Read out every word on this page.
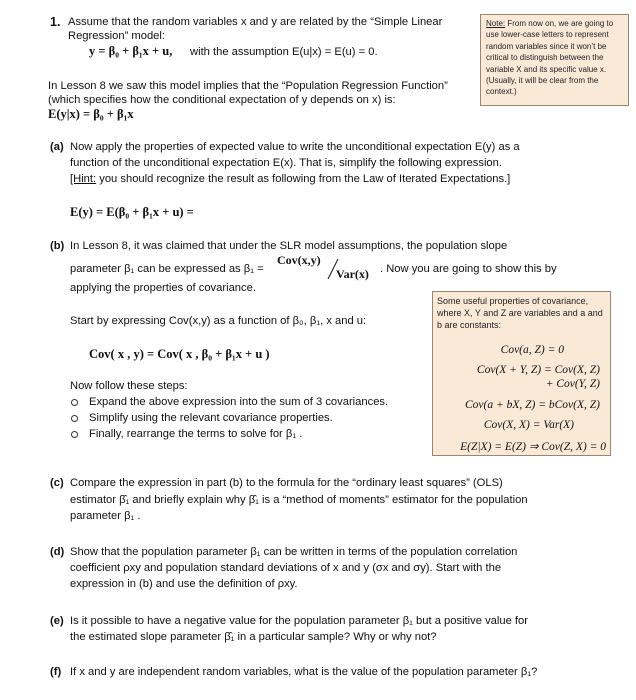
1. Assume that the random variables x and y are related by the “Simple Linear
Regression” model:
y = β₀ + β₁x + u, with the assumption E(u|x) = E(u) = 0.
In Lesson 8 we saw this model implies that the “Population Regression Function”
(which specifies how the conditional expectation of y depends on x) is:
E(y|x) = β₀ + β₁x
Note: From now on, we are going to use lower-case letters to represent random variables since it won’t be critical to distinguish between the variable X and its specific value x. (Usually, it will be clear from the context.)
(a) Now apply the properties of expected value to write the unconditional expectation E(y) as a
function of the unconditional expectation E(x). That is, simplify the following expression.
[Hint: you should recognize the result as following from the Law of Iterated Expectations.]
E(y) = E(β₀ + β₁x + u) =
(b) In Lesson 8, it was claimed that under the SLR model assumptions, the population slope
parameter β₁ can be expressed as β₁ =
Cov(x,y)
Var(x) . Now you are going to show this by
applying the properties of covariance.
Start by expressing Cov(x,y) as a function of β₀, β₁, x and u:
Cov( x , y) = Cov( x , β₀ + β₁x + u )
Now follow these steps:
Expand the above expression into the sum of 3 covariances.
Simplify using the relevant covariance properties.
Finally, rearrange the terms to solve for β₁ .
Some useful properties of covariance, where X, Y and Z are variables and a and b are constants:
Cov(a, Z) = 0
Cov(X + Y, Z) = Cov(X, Z)
+ Cov(Y, Z)
Cov(a + bX, Z) = bCov(X, Z)
Cov(X, X) = Var(X)
E(Z|X) = E(Z) ⇒ Cov(Z, X) = 0
(c) Compare the expression in part (b) to the formula for the “ordinary least squares” (OLS)
estimator β̂₁ and briefly explain why β̂₁ is a “method of moments” estimator for the population
parameter β₁ .
(d) Show that the population parameter β₁ can be written in terms of the population correlation
coefficient ρxy and population standard deviations of x and y (σx and σy). Start with the
expression in (b) and use the definition of ρxy.
(e) Is it possible to have a negative value for the population parameter β₁ but a positive value for
the estimated slope parameter β̂₁ in a particular sample? Why or why not?
(f) If x and y are independent random variables, what is the value of the population parameter β₁?
